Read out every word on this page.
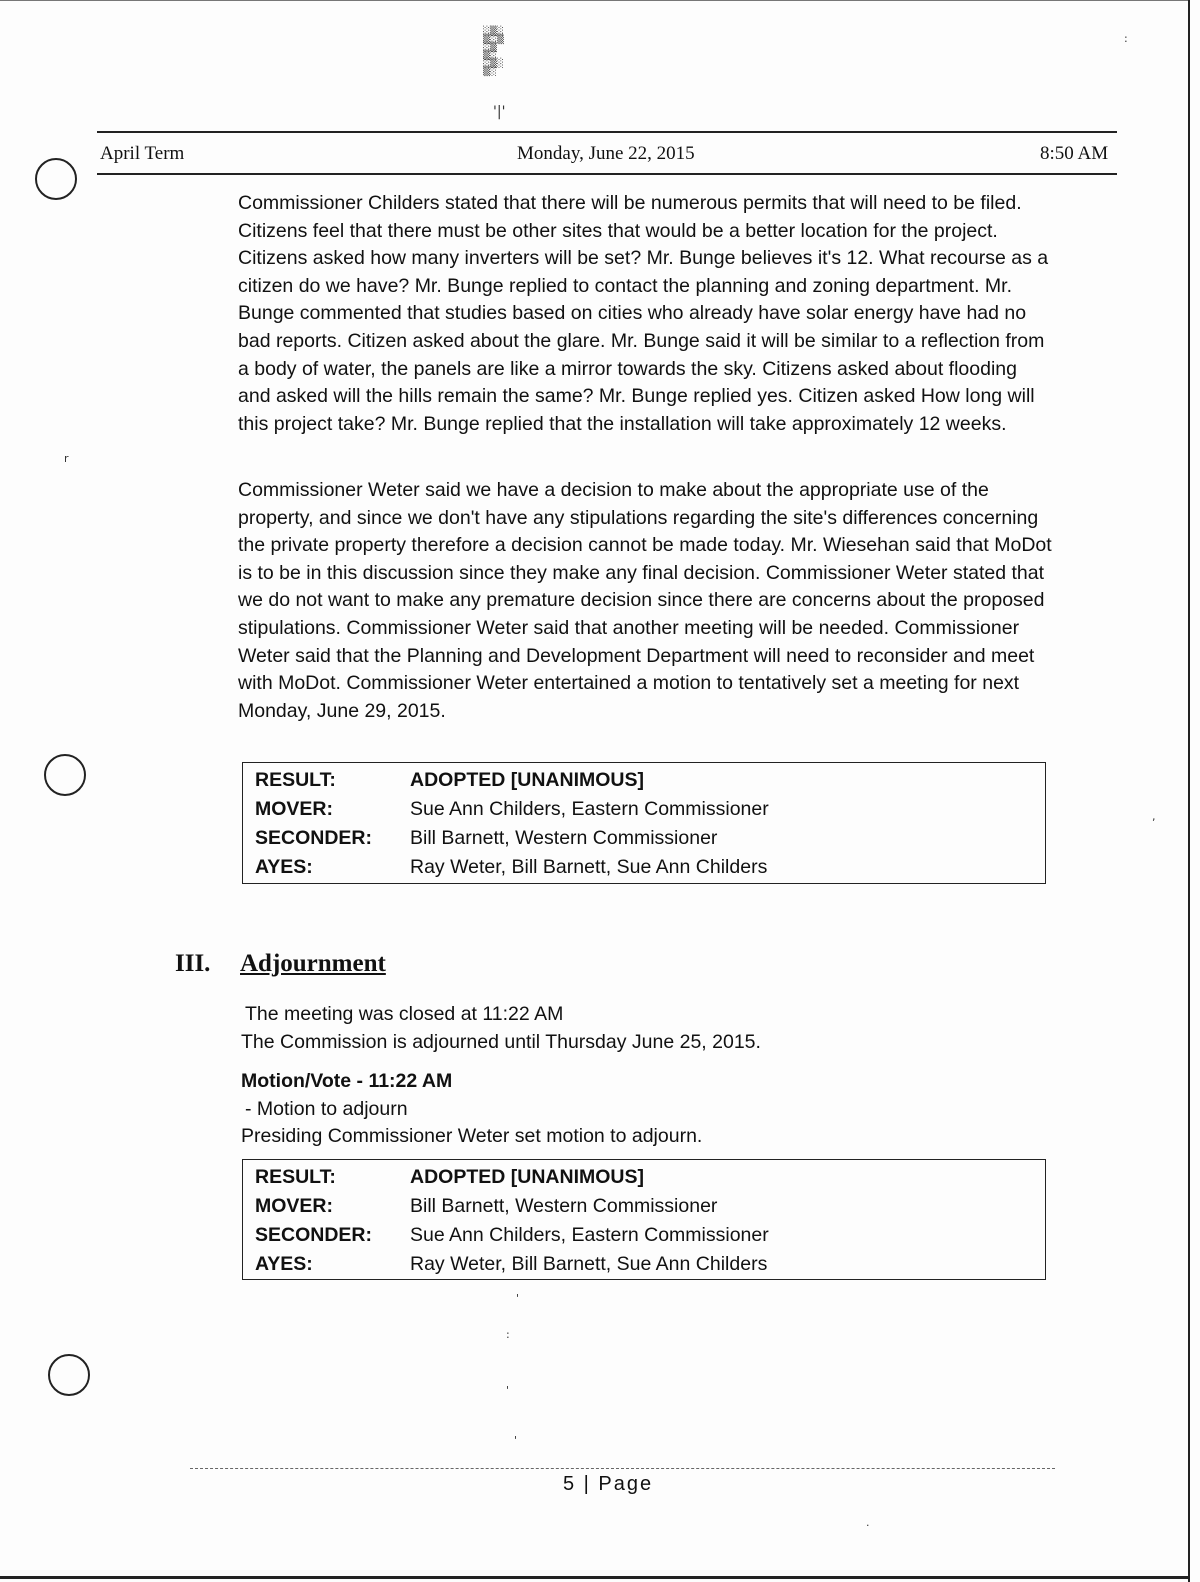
░▒░
▒░▒
░▒
▒░
░▒░
▒░
'|'
:
April Term	Monday, June 22, 2015	8:50 AM

Commissioner Childers stated that there will be numerous permits that will need to be filed. Citizens feel that there must be other sites that would be a better location for the project. Citizens asked how many inverters will be set? Mr. Bunge believes it's 12. What recourse as a citizen do we have? Mr. Bunge replied to contact the planning and zoning department. Mr. Bunge commented that studies based on cities who already have solar energy have had no bad reports. Citizen asked about the glare. Mr. Bunge said it will be similar to a reflection from a body of water, the panels are like a mirror towards the sky. Citizens asked about flooding and asked will the hills remain the same? Mr. Bunge replied yes. Citizen asked How long will this project take? Mr. Bunge replied that the installation will take approximately 12 weeks.

Commissioner Weter said we have a decision to make about the appropriate use of the property, and since we don't have any stipulations regarding the site's differences concerning the private property therefore a decision cannot be made today. Mr. Wiesehan said that MoDot is to be in this discussion since they make any final decision. Commissioner Weter stated that we do not want to make any premature decision since there are concerns about the proposed stipulations. Commissioner Weter said that another meeting will be needed. Commissioner Weter said that the Planning and Development Department will need to reconsider and meet with MoDot. Commissioner Weter entertained a motion to tentatively set a meeting for next Monday, June 29, 2015.

RESULT:	ADOPTED [UNANIMOUS]
MOVER:	Sue Ann Childers, Eastern Commissioner
SECONDER:	Bill Barnett, Western Commissioner
AYES:	Ray Weter, Bill Barnett, Sue Ann Childers
III. Adjournment
The meeting was closed at 11:22 AM
The Commission is adjourned until Thursday June 25, 2015.
Motion/Vote - 11:22 AM
- Motion to adjourn
Presiding Commissioner Weter set motion to adjourn.
RESULT:	ADOPTED [UNANIMOUS]
MOVER:	Bill Barnett, Western Commissioner
SECONDER:	Sue Ann Childers, Eastern Commissioner
AYES:	Ray Weter, Bill Barnett, Sue Ann Childers
'
:
'
'
r
,
.
5 | Page
